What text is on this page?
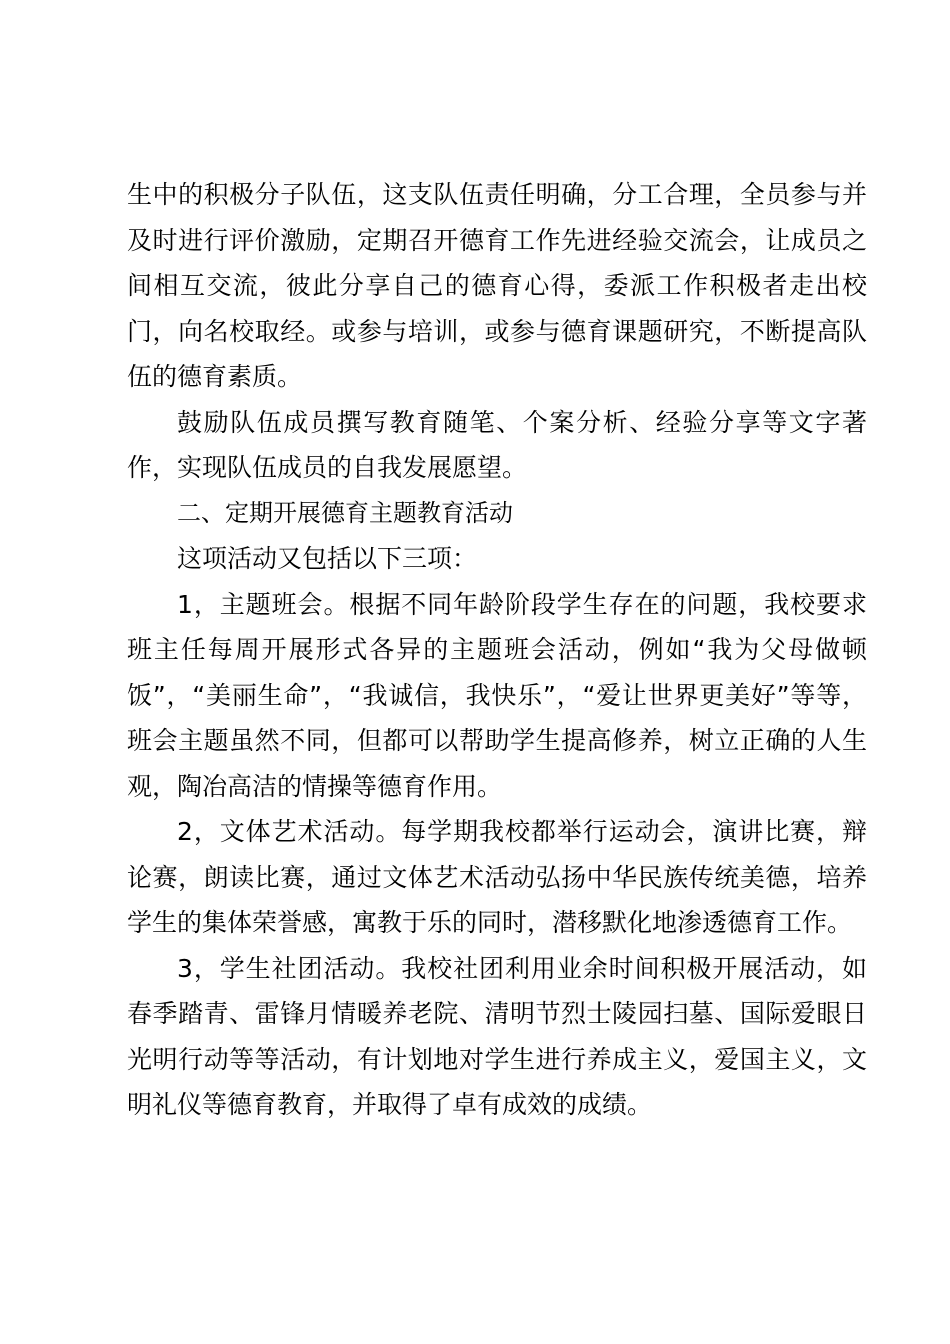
生中的积极分子队伍，这支队伍责任明确，分工合理，全员参与并及时进行评价激励，定期召开德育工作先进经验交流会，让成员之间相互交流，彼此分享自己的德育心得，委派工作积极者走出校门，向名校取经。或参与培训，或参与德育课题研究，不断提高队伍的德育素质。

鼓励队伍成员撰写教育随笔、个案分析、经验分享等文字著作，实现队伍成员的自我发展愿望。

二、定期开展德育主题教育活动

这项活动又包括以下三项：

1，主题班会。根据不同年龄阶段学生存在的问题，我校要求班主任每周开展形式各异的主题班会活动，例如“我为父母做顿饭”，“美丽生命”，“我诚信，我快乐”，“爱让世界更美好”等等，班会主题虽然不同，但都可以帮助学生提高修养，树立正确的人生观，陶冶高洁的情操等德育作用。

2，文体艺术活动。每学期我校都举行运动会，演讲比赛，辩论赛，朗读比赛，通过文体艺术活动弘扬中华民族传统美德，培养学生的集体荣誉感，寓教于乐的同时，潜移默化地渗透德育工作。

3，学生社团活动。我校社团利用业余时间积极开展活动，如春季踏青、雷锋月情暖养老院、清明节烈士陵园扫墓、国际爱眼日光明行动等等活动，有计划地对学生进行养成主义，爱国主义，文明礼仪等德育教育，并取得了卓有成效的成绩。
